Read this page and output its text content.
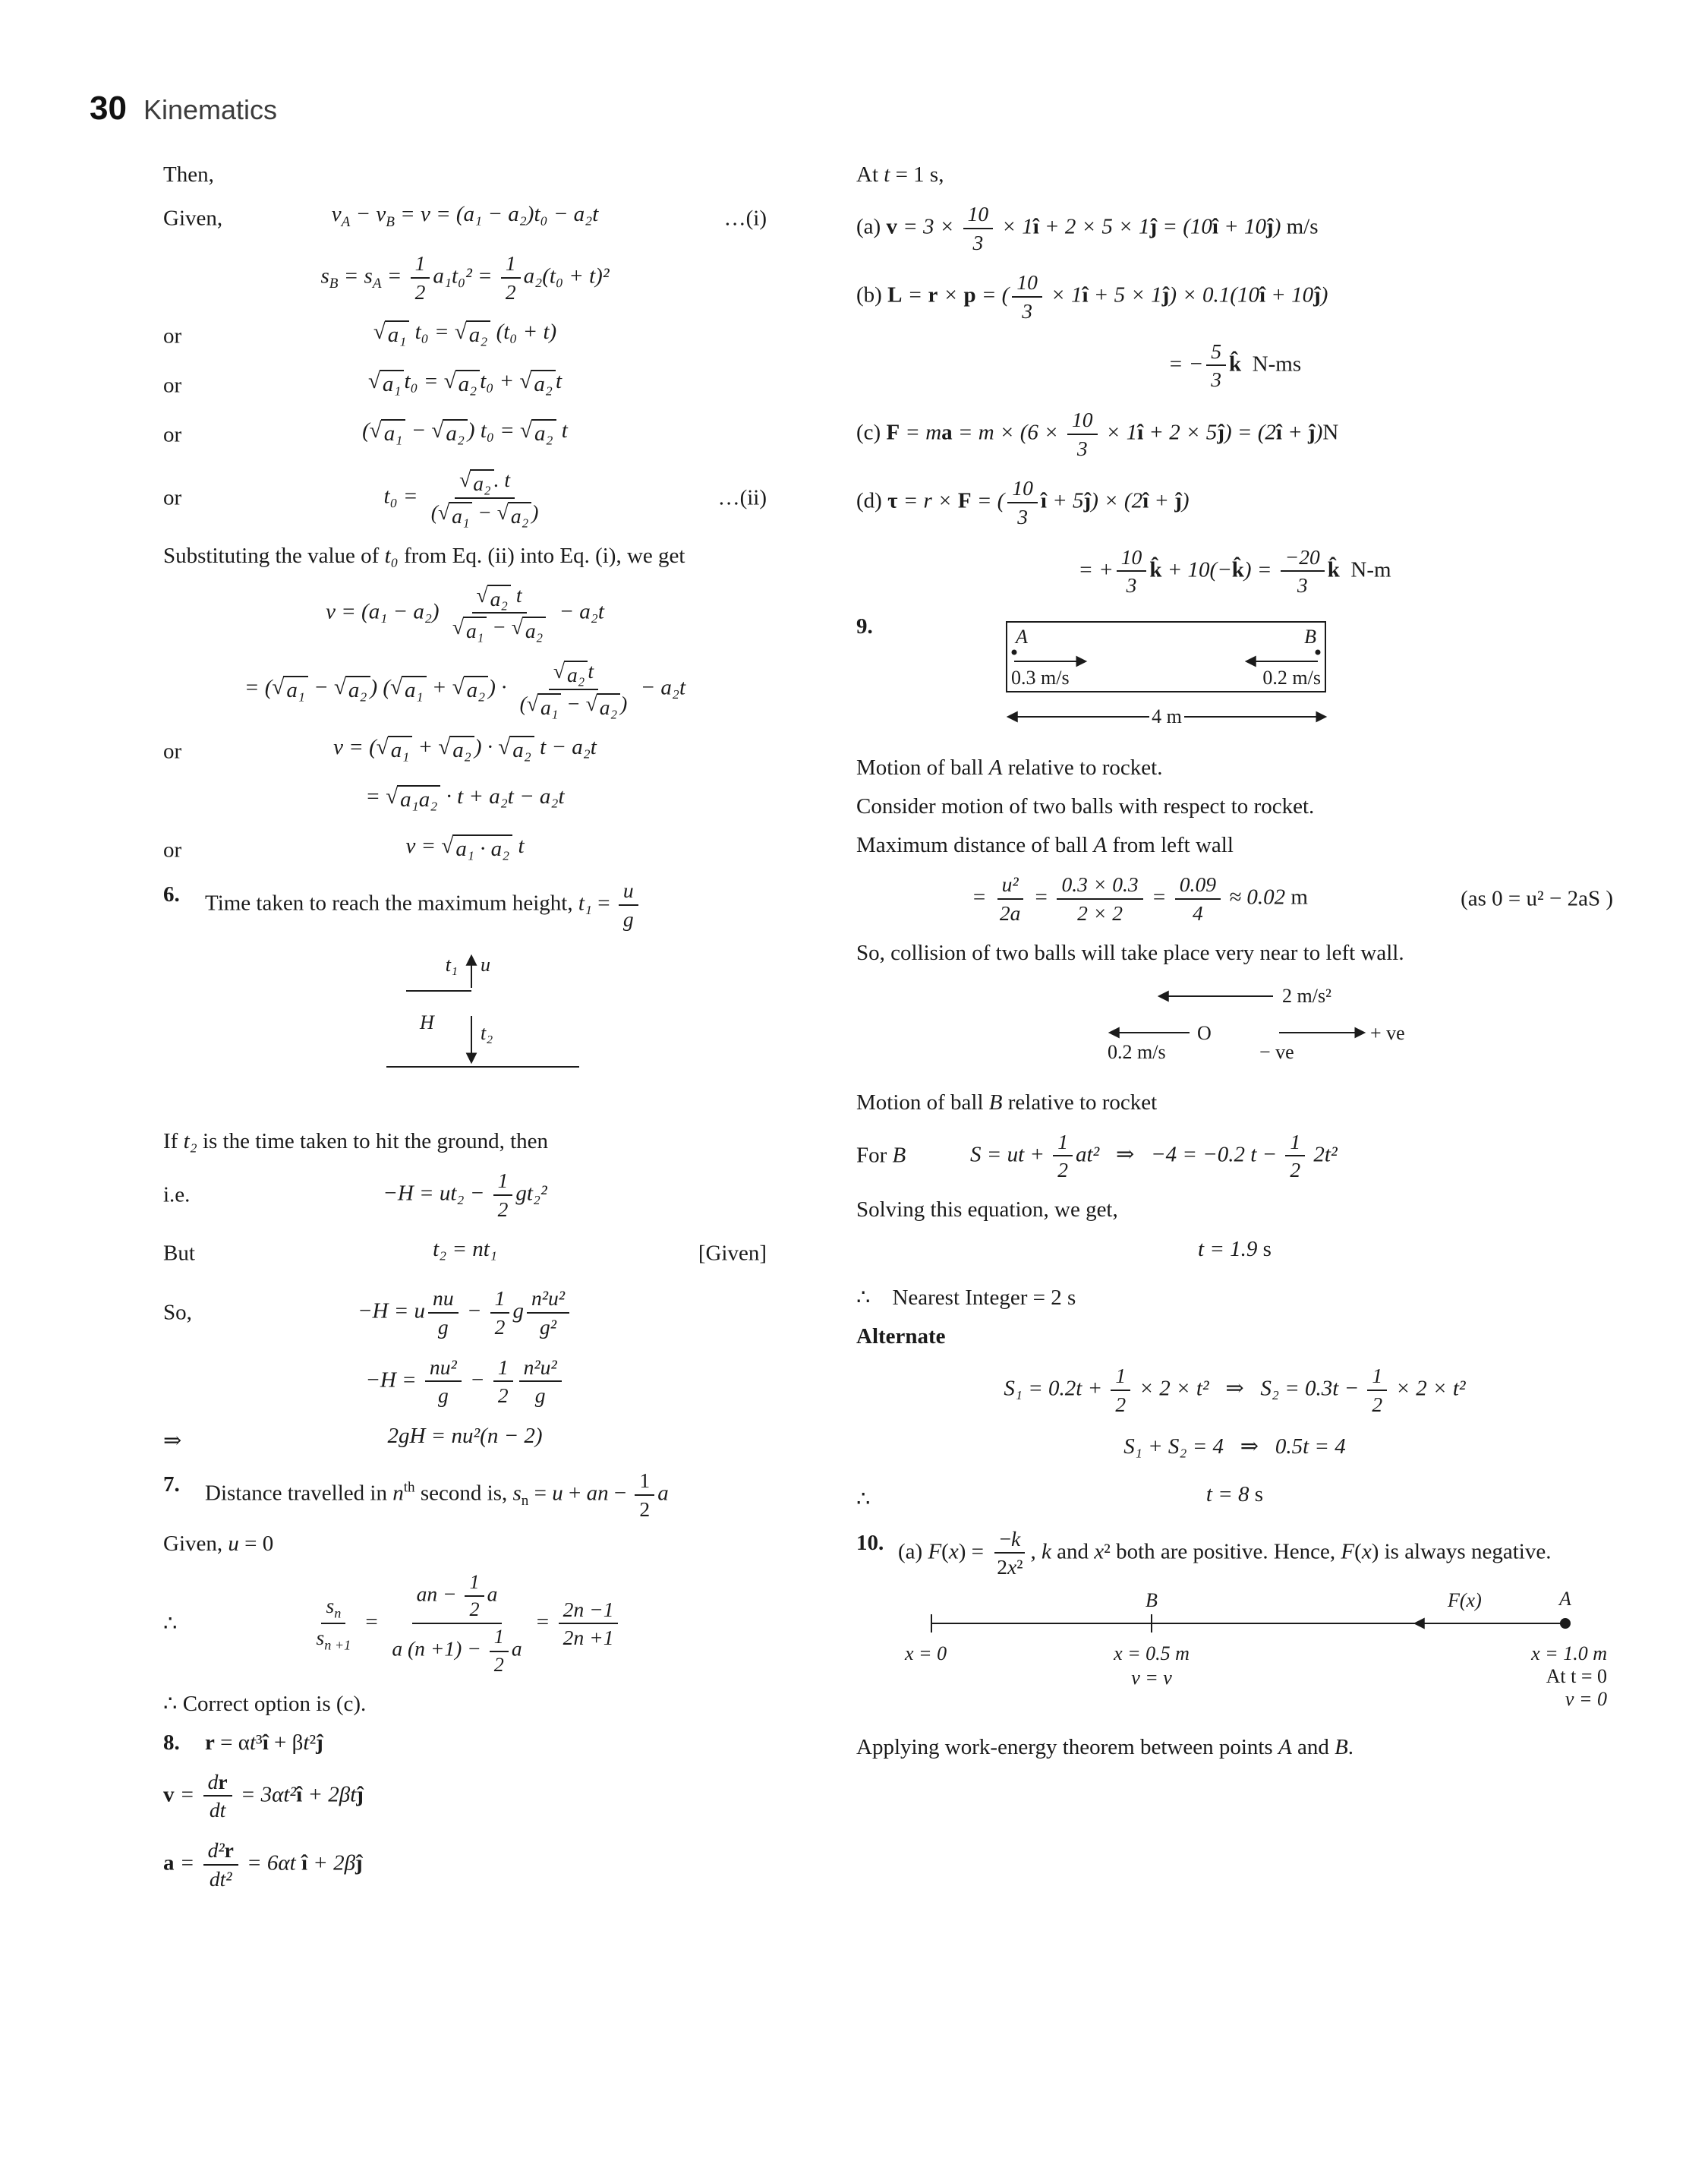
30 Kinematics
Then,
Given,	$v_A - v_B = v = (a_1 - a_2)t_0 - a_2t$	…(i)
$s_B = s_A = \frac{1}{2} a_1t_0^2 = \frac{1}{2} a_2(t_0 + t)^2$
or	√ a₁ t₀ = √ a₂ (t₀ + t)
or	√ a₁ t₀ = √ a₂ t₀ + √ a₂ t
or	( √ a₁ − √ a₂ ) t₀ = √ a₂ t
or	$t_0 = \frac{\text{√ a₂ . t}}{\text{( √ a₁ − √ a₂ )}}$	…(ii)
Substituting the value of t₀ from Eq. (ii) into Eq. (i), we get
$v = (a_1 - a_2) \frac{\text{√ a₂ t}}{\text{√ a₁ − √ a₂}} - a_2t$
= ( √ a₁ − √ a₂ ) ( √ a₁ + √ a₂ ) · $\frac{\text{√ a₂ t}}{\text{( √ a₁ − √ a₂ )}} - a_2t$
or	v = ( √ a₁ + √ a₂ ) · √ a₂ t − a₂t
= √ a₁a₂ · t + a₂t − a₂t
or	v = √ a₁ · a₂ t
6.	Time taken to reach the maximum height, $t_1 = \frac{u}{g}$
t₁ u
H t₂
If t₂ is the time taken to hit the ground, then
i.e.	$-H = ut_2 - \frac{1}{2} gt_2^2$
But	t₂ = nt₁	[Given]
So,	−H = u $\frac{nu}{g} - \frac{1}{2}$ g $\frac{\text{n²u²}}{\text{g²}}$
$-H = \frac{\text{nu²}}{g} - \frac{1}{2} \frac{\text{n²u²}}{g}$
⇒	2gH = nu²(n − 2)
7.	Distance travelled in $n^{th}$ second is, $s_n = u$ + an − $\frac{1}{2}$ a
Given, u = 0
∴	$\frac{s_n}{s_{n +1}} = \frac{an - \frac{1}{2} a}{a (n +1) - \frac{1}{2} a} = \frac{2n -1}{2n +1}$
∴ Correct option is (c).
8.	r = αt³î + βt²ĵ
$v = \frac{dr}{dt}$ = 3αt²î + 2βtĵ
$a = \frac{\text{d²r}}{\text{dt²}} = 6\alpha t$ î + 2βĵ
At t = 1 s,
(a) $v = 3 \times \frac{10}{3}$ × 1î + 2 × 5 × 1ĵ = (10î + 10ĵ) m/s
(b) L = r × p = ( $\frac{10}{3}$ × 1î + 5 × 1ĵ) × 0.1(10î + 10ĵ)
= − $\frac{5}{3}$ k̂ N-ms
(c) F = ma = $m \times (6 \times \frac{10}{3}$ × 1î + 2 × 5ĵ) = (2î + ĵ)N
(d) τ = r × F = ( $\frac{10}{3}$ î + 5ĵ) × (2î + ĵ)
= + $\frac{10}{3}$ k̂ + 10(−k̂) = $\frac{-20}{3}$ k̂ N-m
9.	A
0.3 m/s
B
0.2 m/s
4 m
Motion of ball A relative to rocket.
Consider motion of two balls with respect to rocket.
Maximum distance of ball A from left wall
= $\frac{\text{u²}}{2a} = \frac{0.3 \times 0.3}{2 \times 2} = \frac{0.09}{4} \approx 0.02$ m	(as 0 = u² − 2aS )
So, collision of two balls will take place very near to left wall.
2 m/s²
0.2 m/s
O	+ ve
− ve
Motion of ball B relative to rocket
For B	S = ut + $\frac{1}{2} at^2$   ⇒   −4 = −0.2 $t - \frac{1}{2} 2t^2$
Solving this equation, we get,
t = 1.9 s
∴ Nearest Integer = 2 s
Alternate
$S_1 = 0.2t + \frac{1}{2} \times 2 \times t^2$   ⇒   $S_2 = 0.3t - \frac{1}{2} \times 2 \times t^2$
S₁ + S₂ = 4   ⇒   0.5t = 4
∴	t = 8 s
10. (a) $F(x) = \frac{-k}{\text{2x²}}$ , k and x² both are positive. Hence, F(x) is always negative.
B	A
F(x)
x = 0	x = 0.5 m
v = v
x = 1.0 m
At t = 0
v = 0
Applying work-energy theorem between points A and B.
